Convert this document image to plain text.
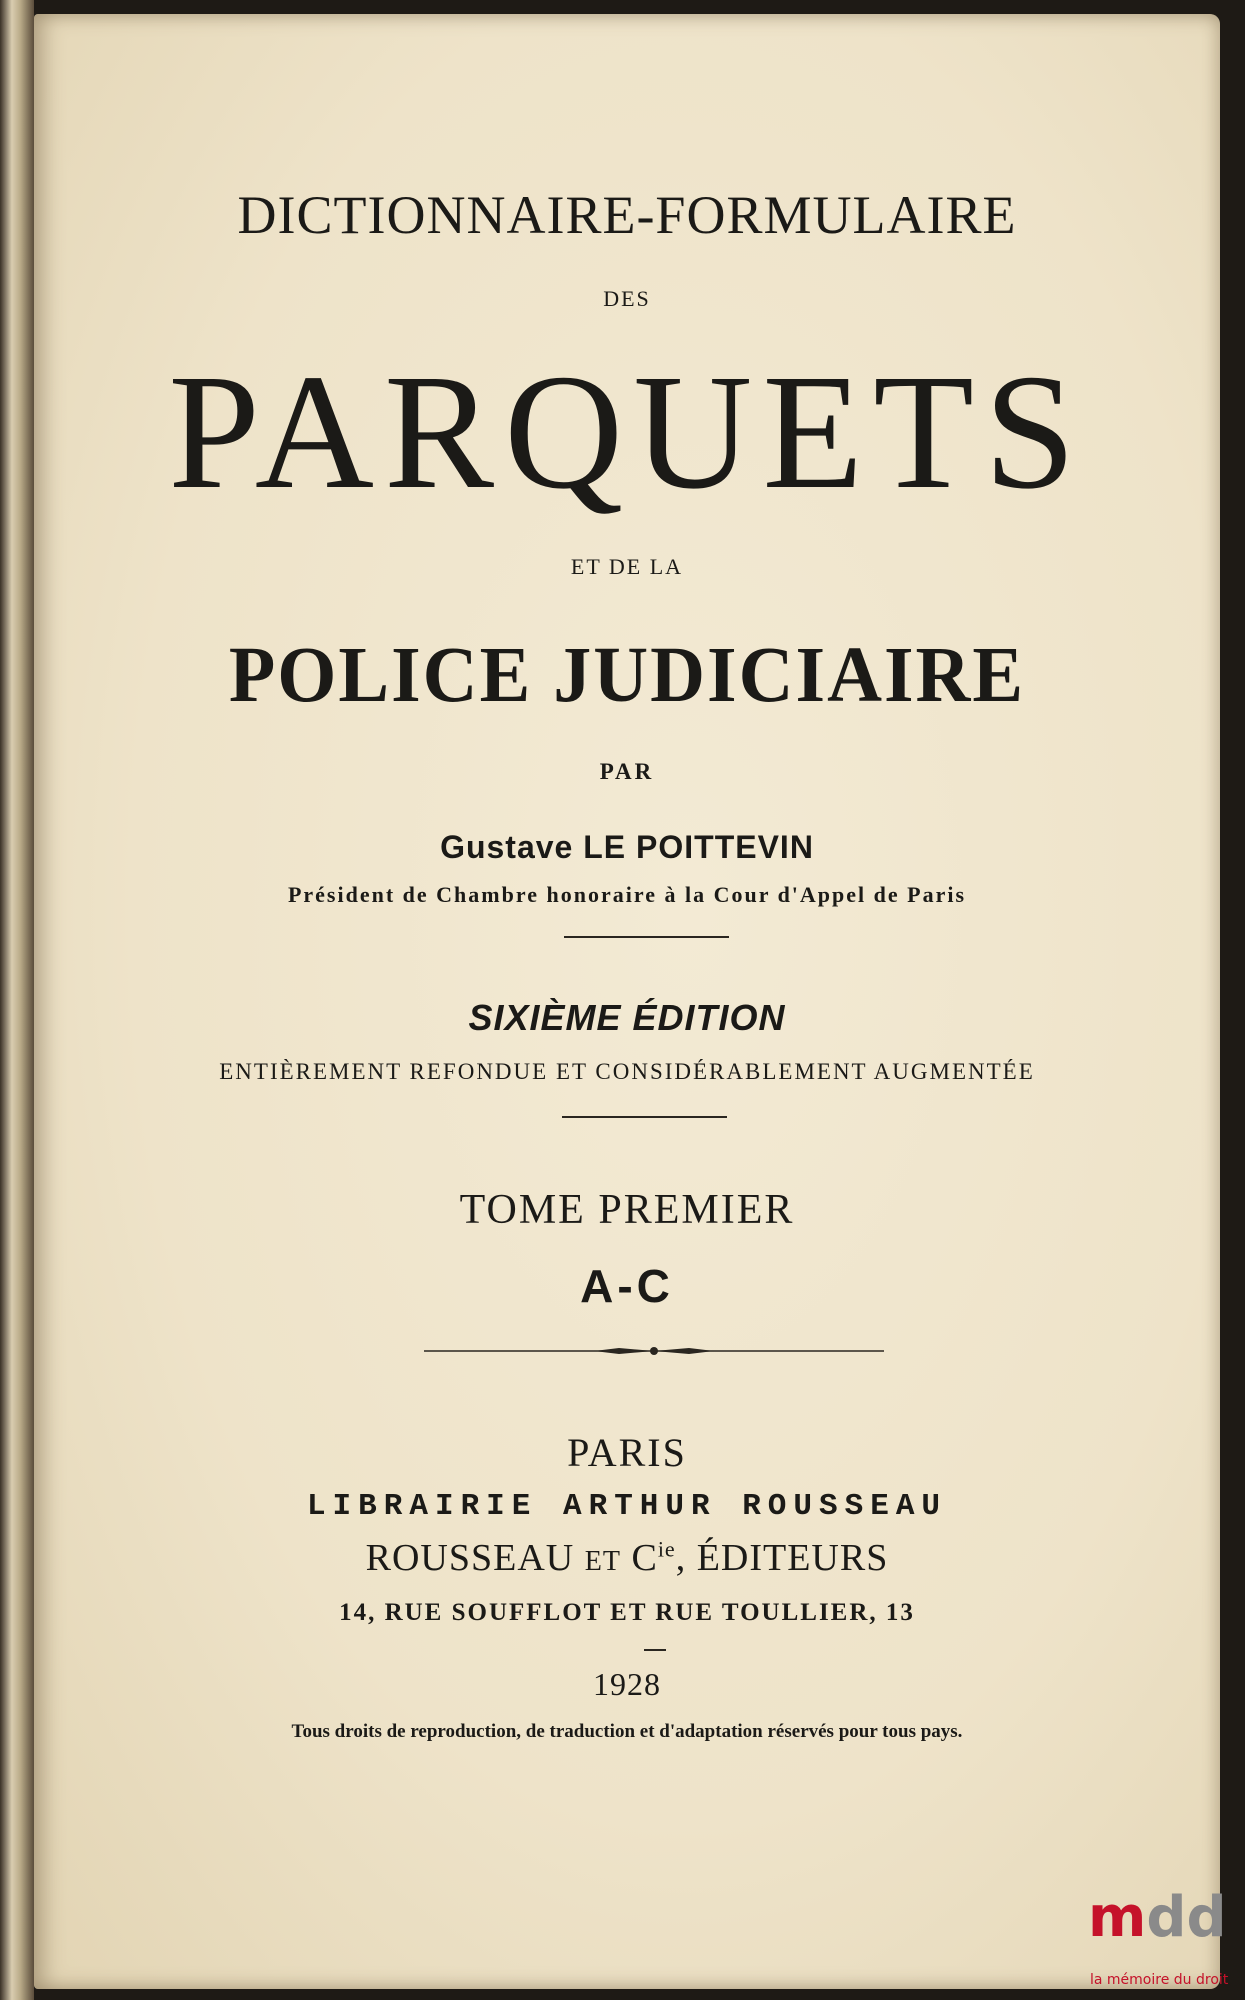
DICTIONNAIRE-FORMULAIRE
DES
PARQUETS
ET DE LA
POLICE JUDICIAIRE
PAR
Gustave LE POITTEVIN
Président de Chambre honoraire à la Cour d'Appel de Paris
SIXIÈME ÉDITION
ENTIÈREMENT REFONDUE ET CONSIDÉRABLEMENT AUGMENTÉE
TOME PREMIER
A-C
PARIS
LIBRAIRIE ARTHUR ROUSSEAU
ROUSSEAU ET $C^{ie}$, ÉDITEURS
14, RUE SOUFFLOT ET RUE TOULLIER, 13
1928
Tous droits de reproduction, de traduction et d'adaptation réservés pour tous pays.
mdd
la mémoire du droit
